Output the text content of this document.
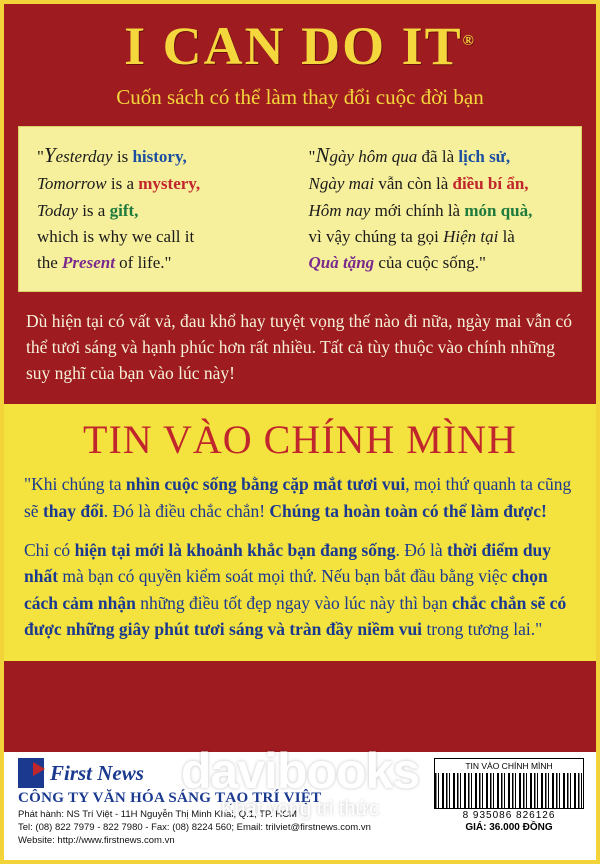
I CAN DO IT®
Cuốn sách có thể làm thay đổi cuộc đời bạn
"Yesterday is history,
Tomorrow is a mystery,
Today is a gift,
which is why we call it
the Present of life."
"Ngày hôm qua đã là lịch sử,
Ngày mai vẫn còn là điều bí ẩn,
Hôm nay mới chính là món quà,
vì vậy chúng ta gọi Hiện tại là
Quà tặng của cuộc sống."
Dù hiện tại có vất vả, đau khổ hay tuyệt vọng thế nào đi nữa, ngày mai vẫn có thể tươi sáng và hạnh phúc hơn rất nhiều. Tất cả tùy thuộc vào chính những suy nghĩ của bạn vào lúc này!
TIN VÀO CHÍNH MÌNH
"Khi chúng ta nhìn cuộc sống bằng cặp mắt tươi vui, mọi thứ quanh ta cũng sẽ thay đổi. Đó là điều chắc chắn! Chúng ta hoàn toàn có thể làm được!
Chỉ có hiện tại mới là khoảnh khắc bạn đang sống. Đó là thời điểm duy nhất mà bạn có quyền kiểm soát mọi thứ. Nếu bạn bắt đầu bằng việc chọn cách cảm nhận những điều tốt đẹp ngay vào lúc này thì bạn chắc chắn sẽ có được những giây phút tươi sáng và tràn đầy niềm vui trong tương lai."
First News
CÔNG TY VĂN HÓA SÁNG TẠO TRÍ VIỆT
Phát hành: NS Trí Việt - 11H Nguyễn Thị Minh Khai, Q.1, TP. HCM
Tel: (08) 822 7979 - 822 7980 - Fax: (08) 8224 560; Email: trilviet@firstnews.com.vn
Website: http://www.firstnews.com.vn
TIN VÀO CHÍNH MÌNH
8 935086 826126
GIÁ: 36.000 ĐỒNG
davibooks
Khát vọng tri thức
